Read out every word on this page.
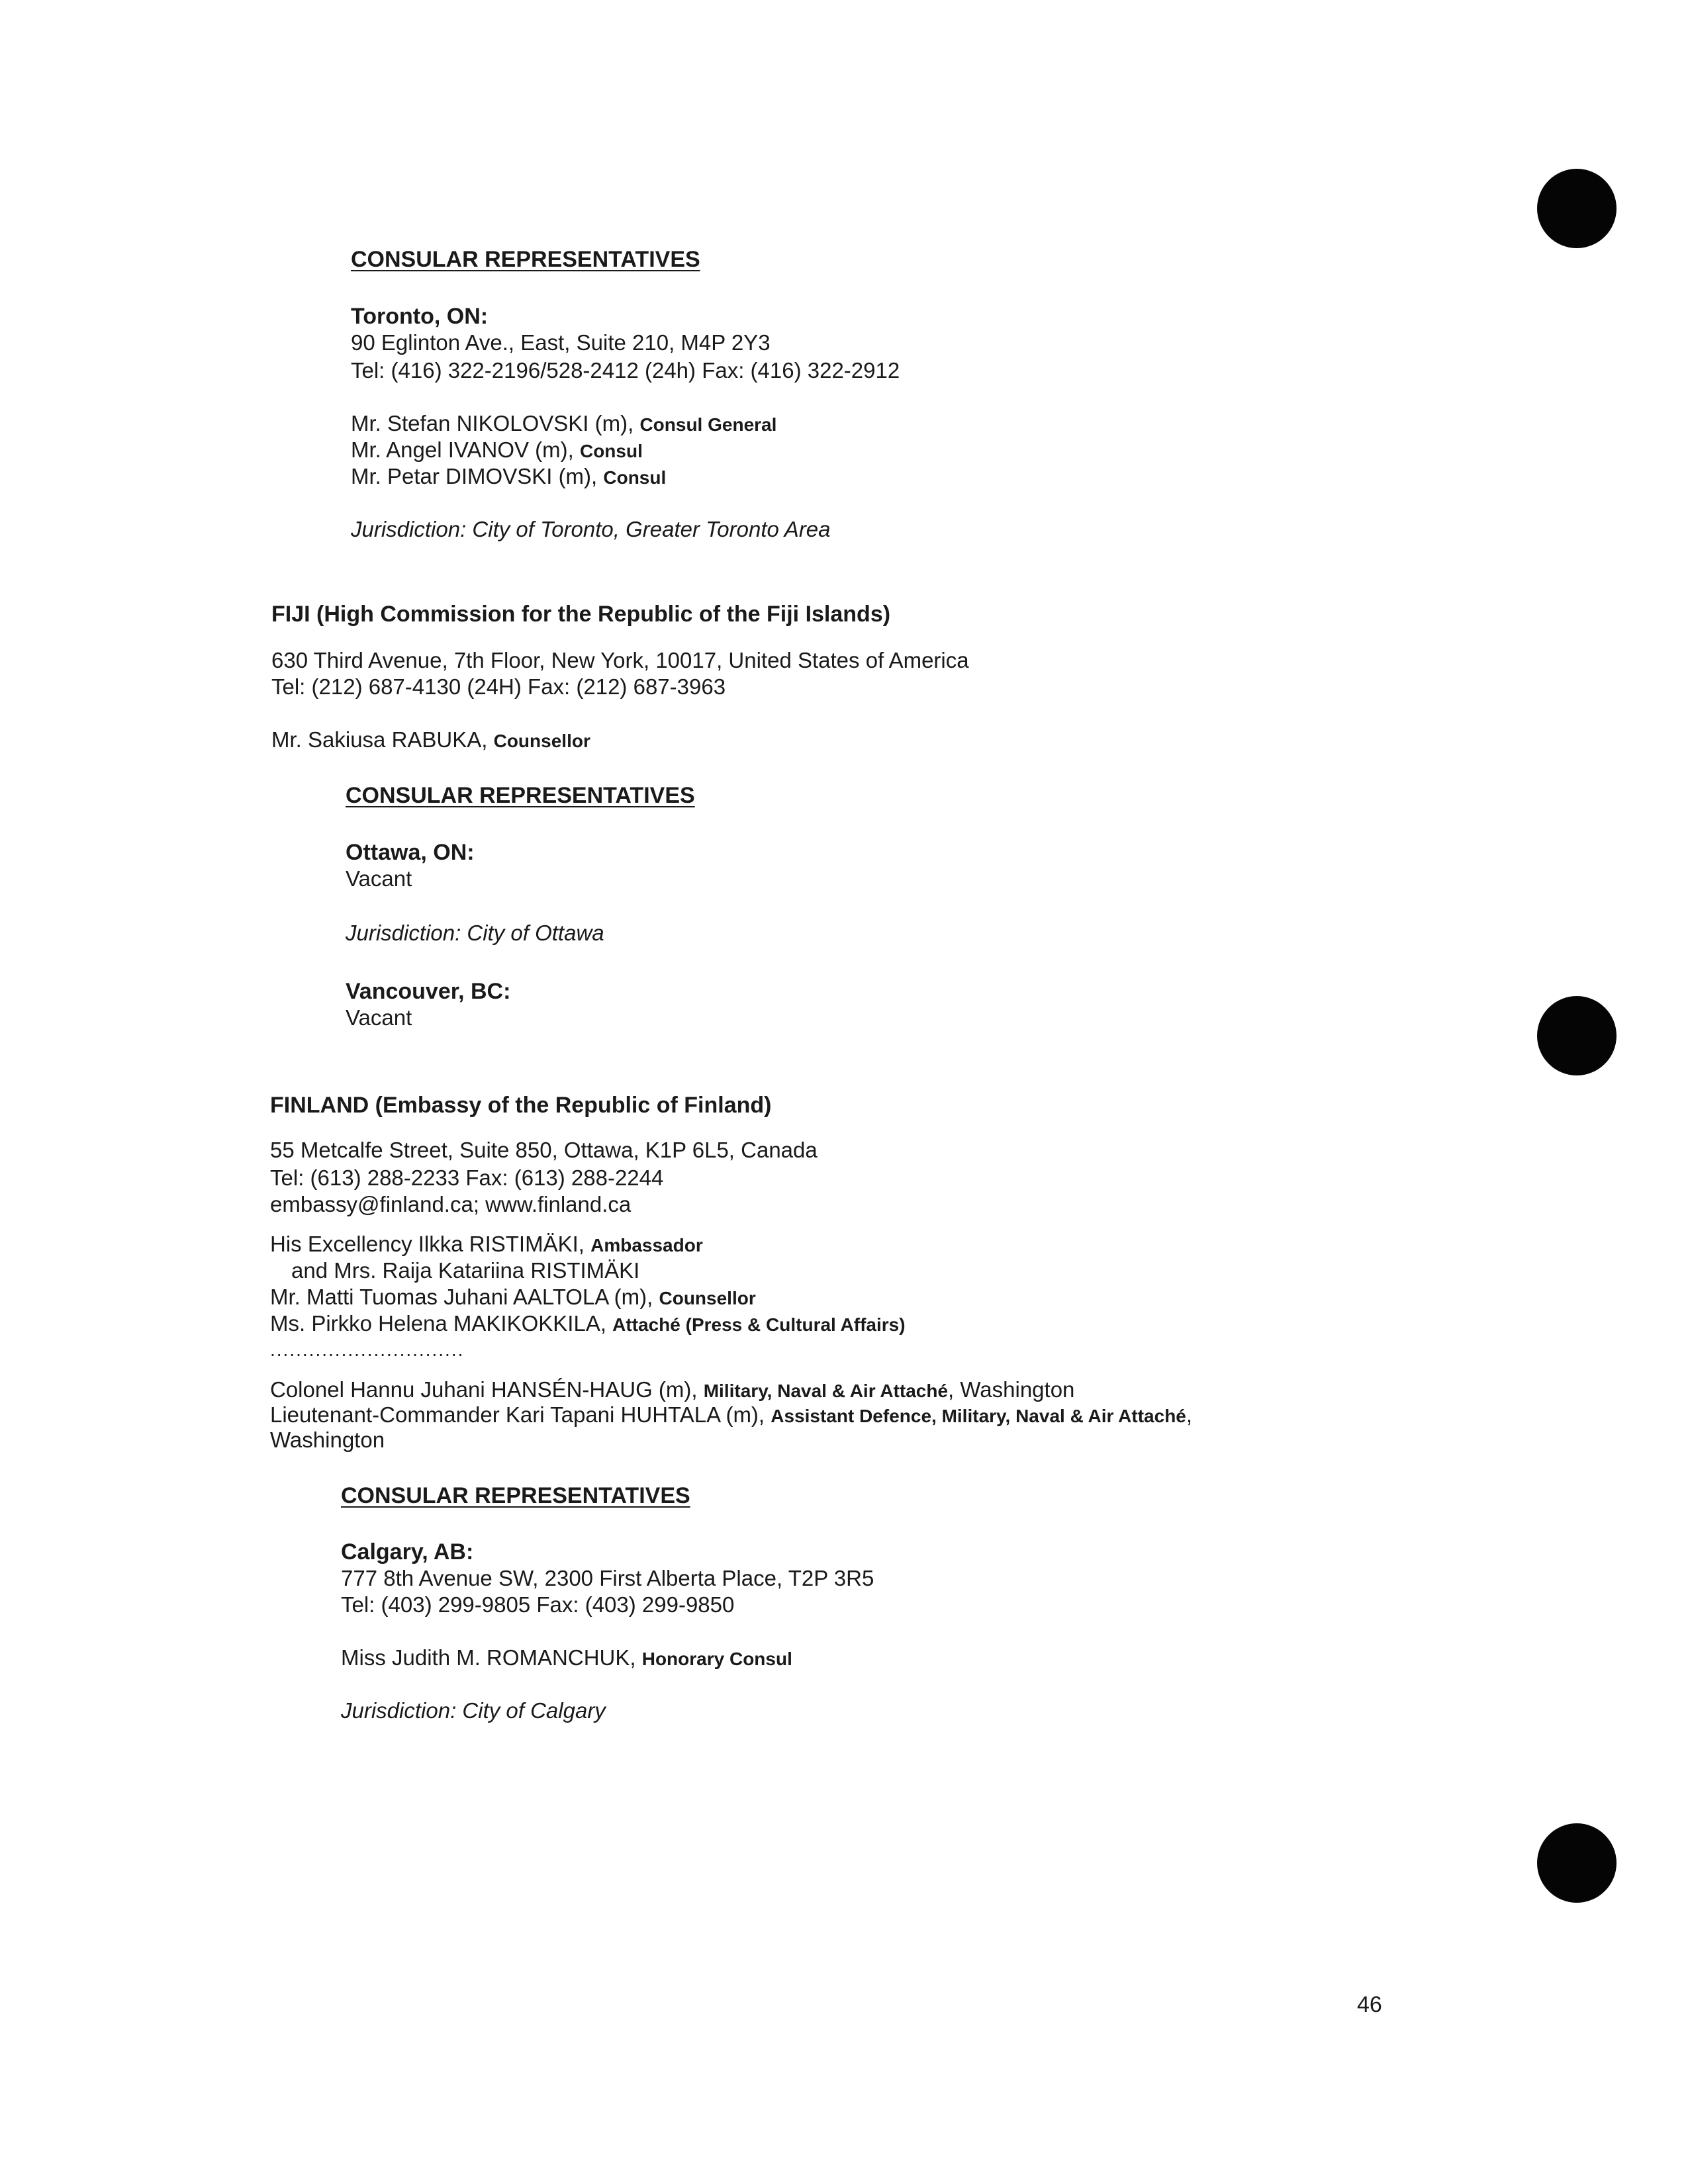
CONSULAR REPRESENTATIVES
Toronto, ON:
90 Eglinton Ave., East, Suite 210, M4P 2Y3
Tel: (416) 322-2196/528-2412 (24h) Fax: (416) 322-2912
Mr. Stefan NIKOLOVSKI (m), Consul General
Mr. Angel IVANOV (m), Consul
Mr. Petar DIMOVSKI (m), Consul
Jurisdiction: City of Toronto, Greater Toronto Area
FIJI (High Commission for the Republic of the Fiji Islands)
630 Third Avenue, 7th Floor, New York, 10017, United States of America
Tel: (212) 687-4130 (24H) Fax: (212) 687-3963
Mr. Sakiusa RABUKA, Counsellor
CONSULAR REPRESENTATIVES
Ottawa, ON:
Vacant
Jurisdiction: City of Ottawa
Vancouver, BC:
Vacant
FINLAND (Embassy of the Republic of Finland)
55 Metcalfe Street, Suite 850, Ottawa, K1P 6L5, Canada
Tel: (613) 288-2233 Fax: (613) 288-2244
embassy@finland.ca; www.finland.ca
His Excellency Ilkka RISTIMÄKI, Ambassador
and Mrs. Raija Katariina RISTIMÄKI
Mr. Matti Tuomas Juhani AALTOLA (m), Counsellor
Ms. Pirkko Helena MAKIKOKKILA, Attaché (Press & Cultural Affairs)
..............................
Colonel Hannu Juhani HANSÉN-HAUG (m), Military, Naval & Air Attaché, Washington
Lieutenant-Commander Kari Tapani HUHTALA (m), Assistant Defence, Military, Naval & Air Attaché,
Washington
CONSULAR REPRESENTATIVES
Calgary, AB:
777 8th Avenue SW, 2300 First Alberta Place, T2P 3R5
Tel: (403) 299-9805 Fax: (403) 299-9850
Miss Judith M. ROMANCHUK, Honorary Consul
Jurisdiction: City of Calgary
46
